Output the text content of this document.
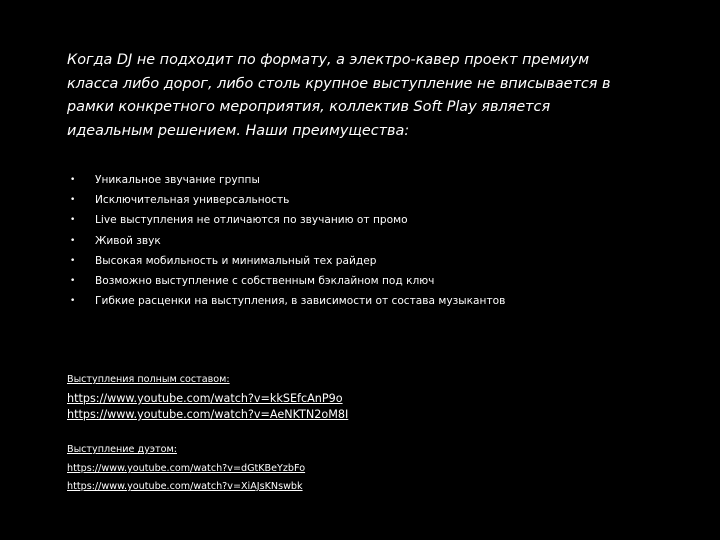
Когда DJ не подходит по формату, а электро-кавер проект премиум
класса либо дорог, либо столь крупное выступление не вписывается в
рамки конкретного мероприятия, коллектив Soft Play является
идеальным решением. Наши преимущества:

• Уникальное звучание группы
• Исключительная универсальность
• Live выступления не отличаются по звучанию от промо
• Живой звук
• Высокая мобильность и минимальный тех райдер
• Возможно выступление с собственным бэклайном под ключ
• Гибкие расценки на выступления, в зависимости от состава музыкантов
Выступления полным составом:
https://www.youtube.com/watch?v=kkSEfcAnP9o
https://www.youtube.com/watch?v=AeNKTN2oM8I
Выступление дуэтом:
https://www.youtube.com/watch?v=dGtKBeYzbFo
https://www.youtube.com/watch?v=XiAJsKNswbk
